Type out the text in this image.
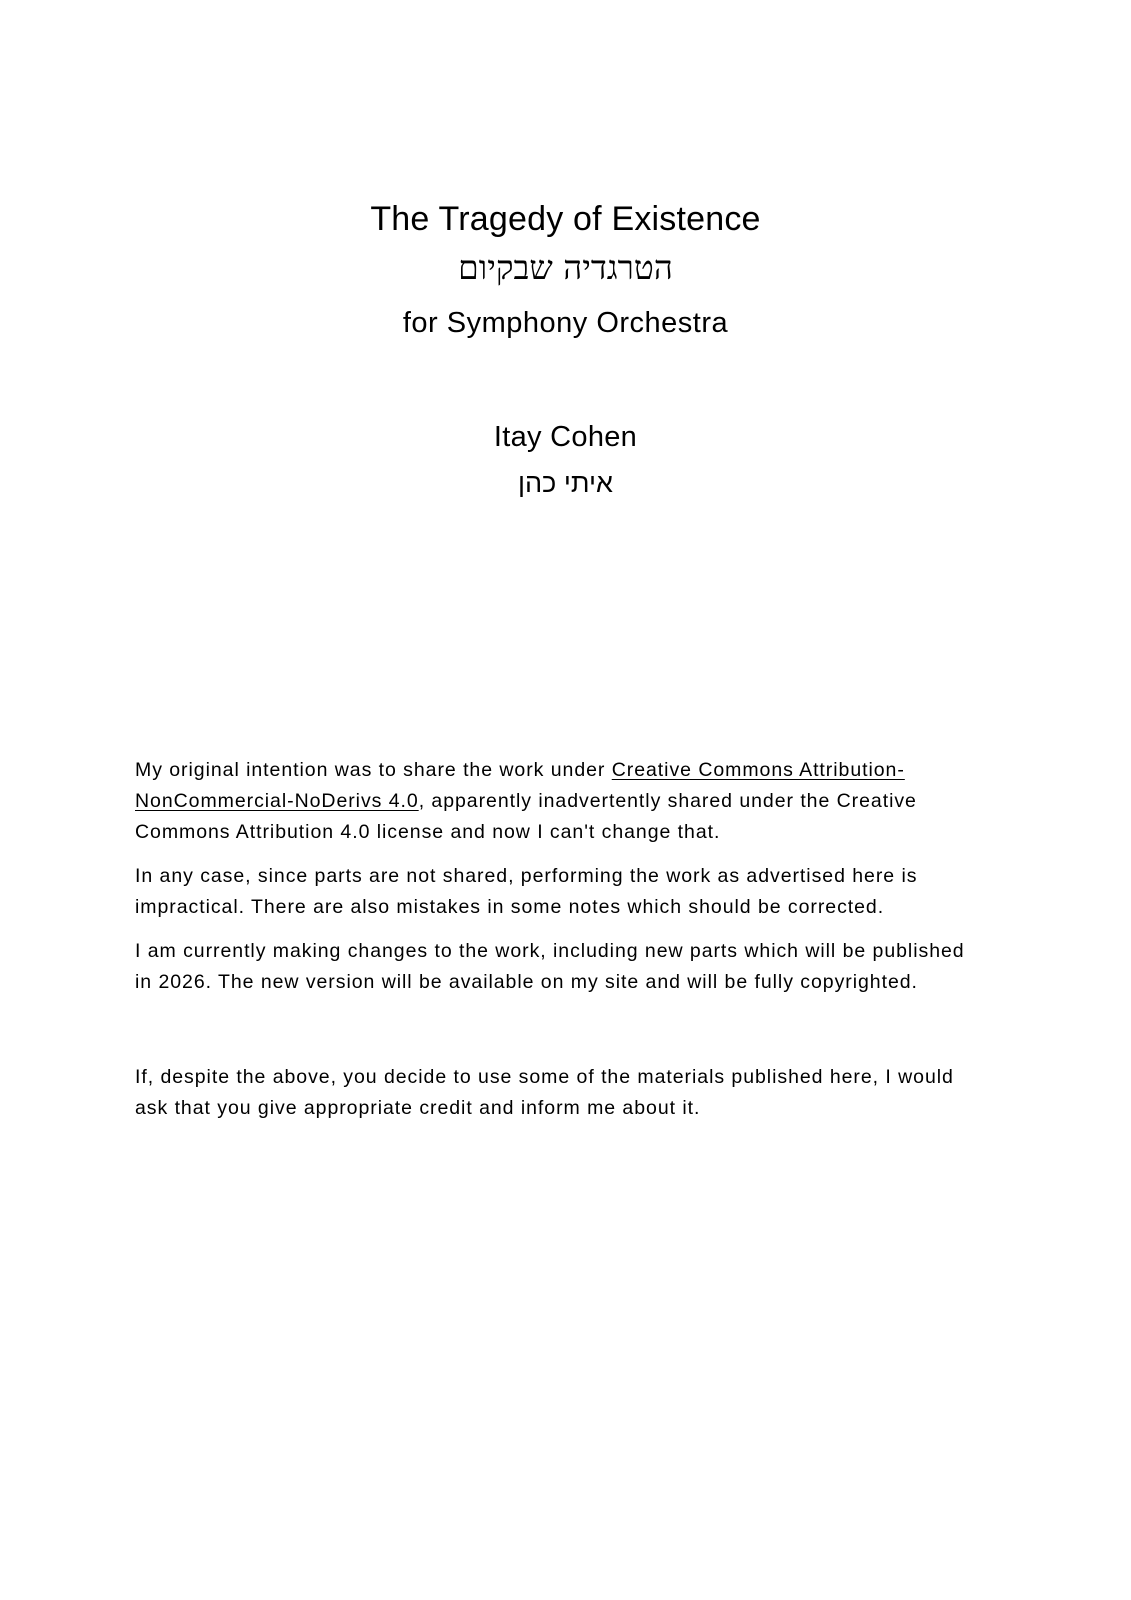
The Tragedy of Existence
הטרגדיה שבקיום
for Symphony Orchestra
Itay Cohen
איתי כהן

My original intention was to share the work under Creative Commons Attribution-NonCommercial-NoDerivs 4.0, apparently inadvertently shared under the Creative Commons Attribution 4.0 license and now I can't change that.

In any case, since parts are not shared, performing the work as advertised here is impractical. There are also mistakes in some notes which should be corrected.

I am currently making changes to the work, including new parts which will be published in 2026. The new version will be available on my site and will be fully copyrighted.

If, despite the above, you decide to use some of the materials published here, I would ask that you give appropriate credit and inform me about it.
